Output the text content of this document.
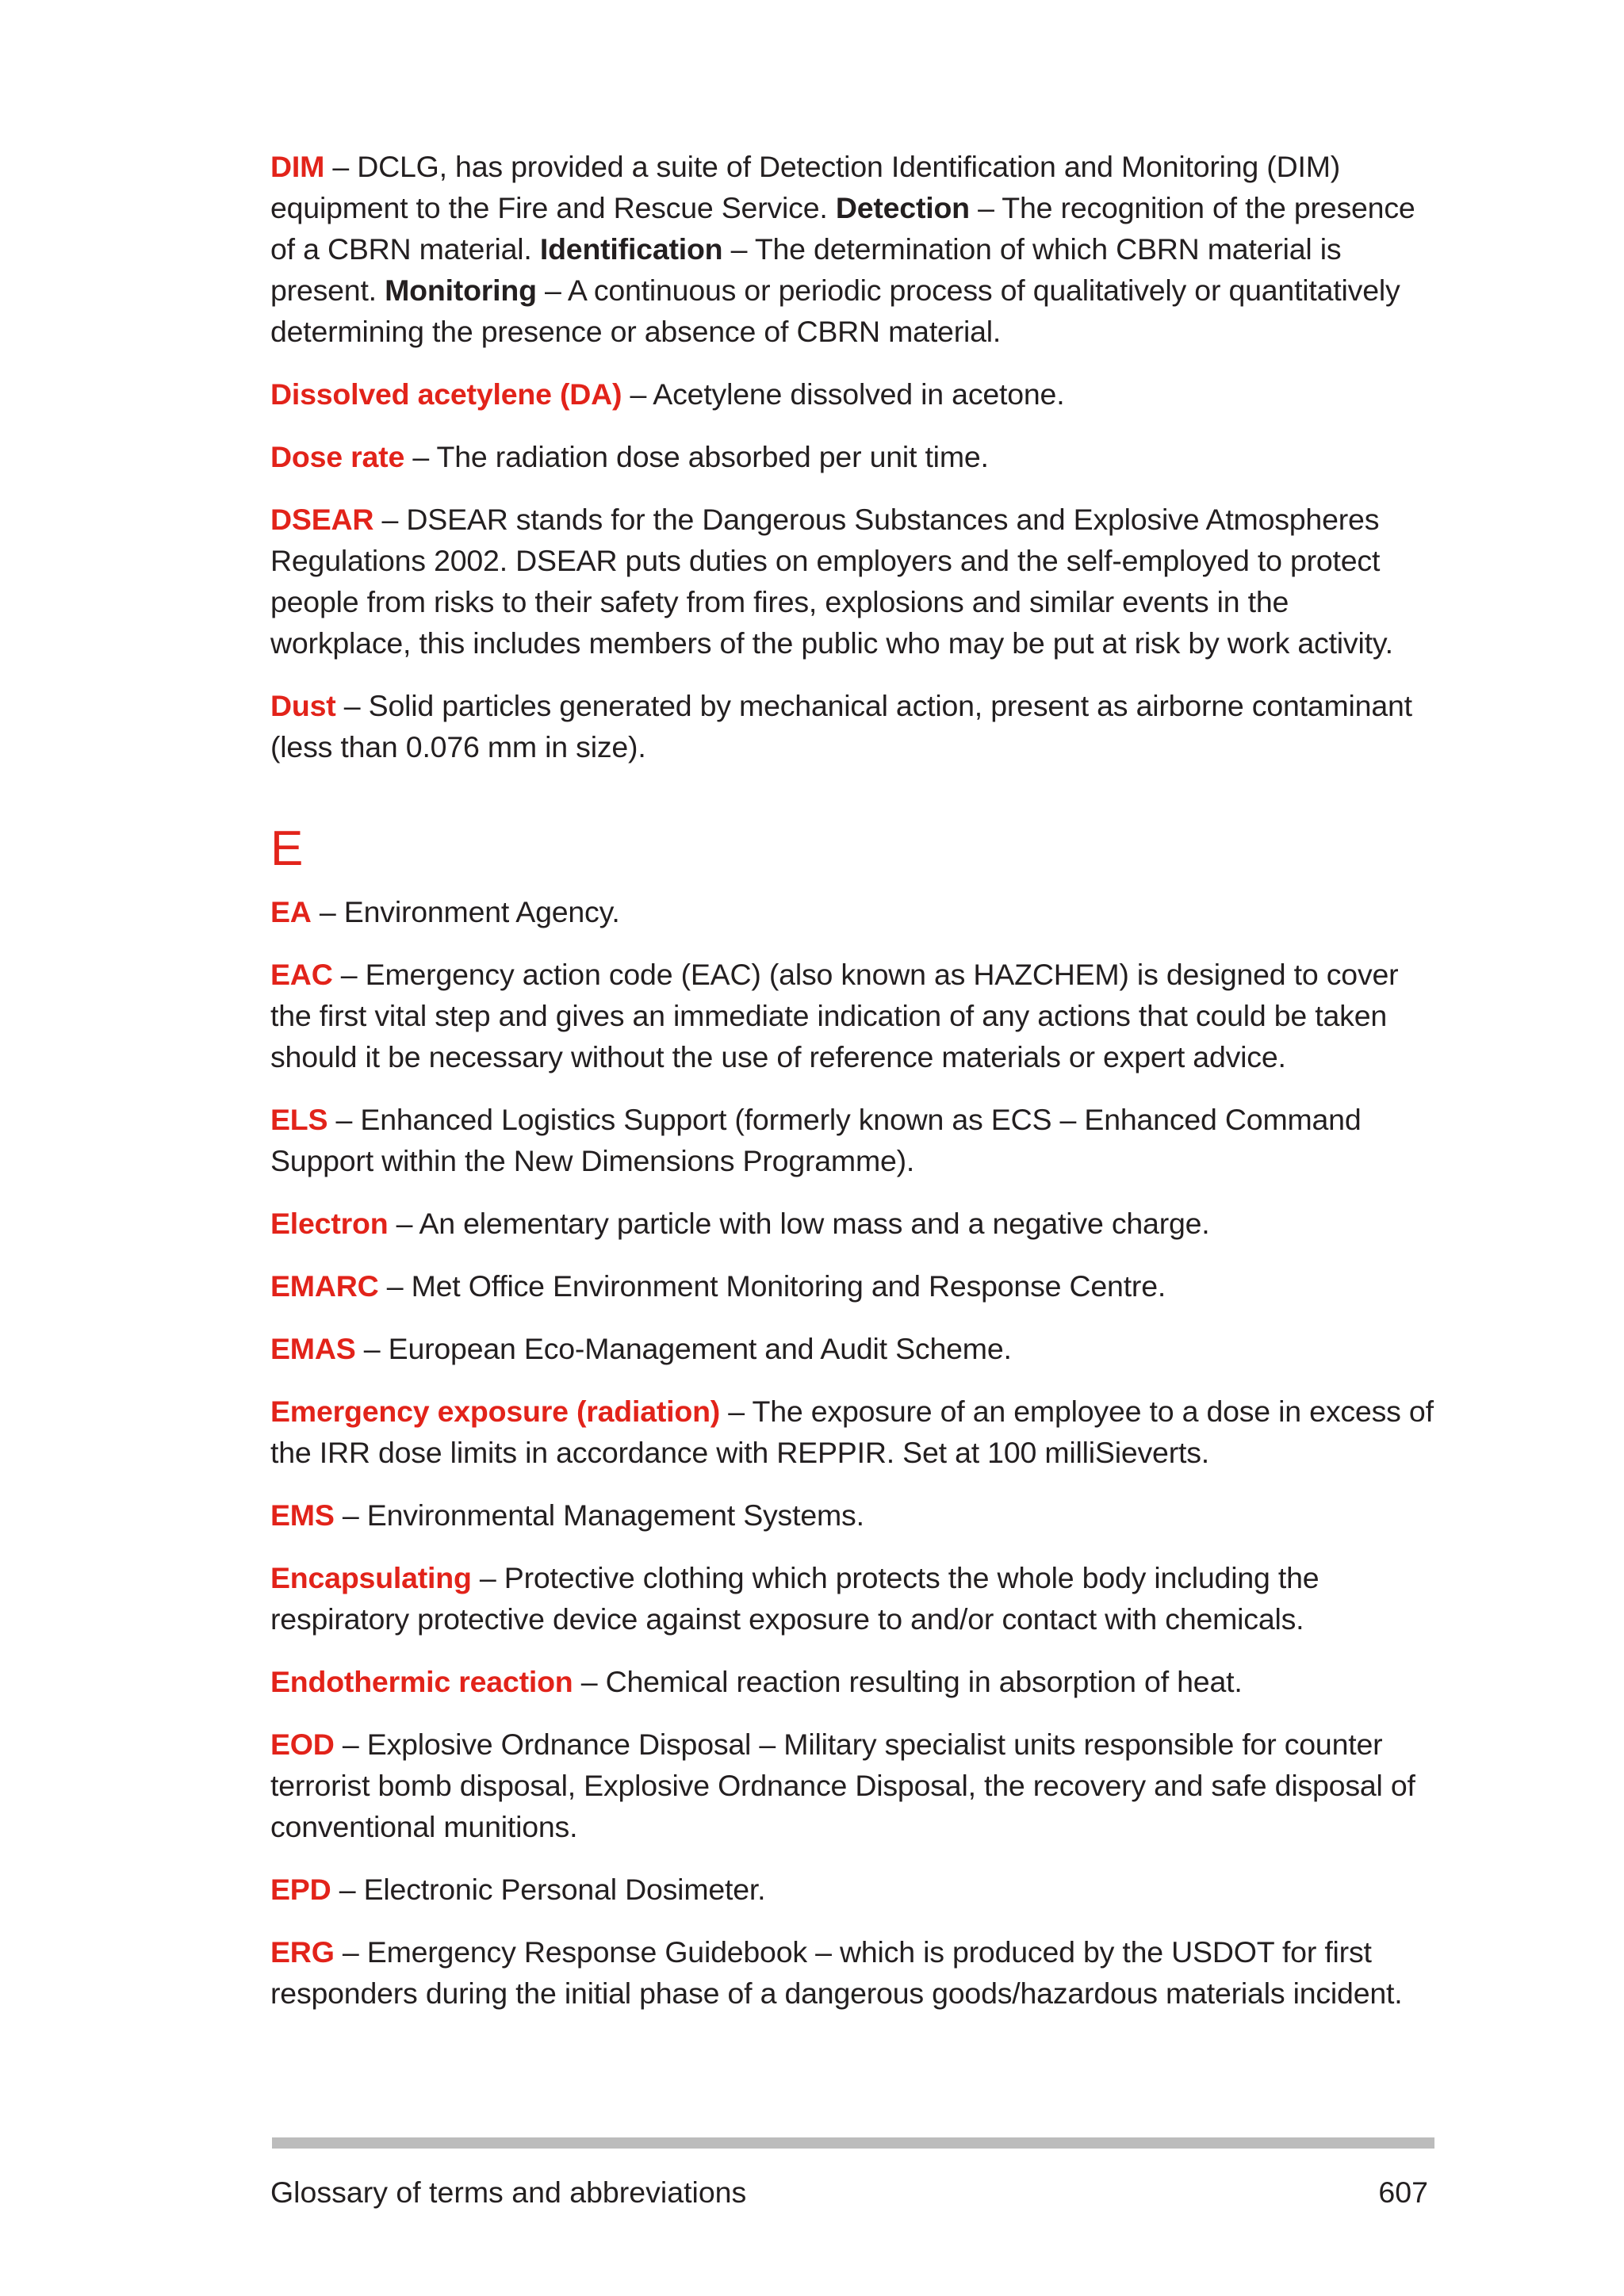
DIM – DCLG, has provided a suite of Detection Identification and Monitoring (DIM) equipment to the Fire and Rescue Service. Detection – The recognition of the presence of a CBRN material. Identification – The determination of which CBRN material is present. Monitoring – A continuous or periodic process of qualitatively or quantitatively determining the presence or absence of CBRN material.

Dissolved acetylene (DA) – Acetylene dissolved in acetone.

Dose rate – The radiation dose absorbed per unit time.

DSEAR – DSEAR stands for the Dangerous Substances and Explosive Atmospheres Regulations 2002. DSEAR puts duties on employers and the self-employed to protect people from risks to their safety from fires, explosions and similar events in the workplace, this includes members of the public who may be put at risk by work activity.

Dust – Solid particles generated by mechanical action, present as airborne contaminant (less than 0.076 mm in size).

E

EA – Environment Agency.

EAC – Emergency action code (EAC) (also known as HAZCHEM) is designed to cover the first vital step and gives an immediate indication of any actions that could be taken should it be necessary without the use of reference materials or expert advice.

ELS – Enhanced Logistics Support (formerly known as ECS – Enhanced Command Support within the New Dimensions Programme).

Electron – An elementary particle with low mass and a negative charge.

EMARC – Met Office Environment Monitoring and Response Centre.

EMAS – European Eco-Management and Audit Scheme.

Emergency exposure (radiation) – The exposure of an employee to a dose in excess of the IRR dose limits in accordance with REPPIR. Set at 100 milliSieverts.

EMS – Environmental Management Systems.

Encapsulating – Protective clothing which protects the whole body including the respiratory protective device against exposure to and/or contact with chemicals.

Endothermic reaction – Chemical reaction resulting in absorption of heat.

EOD – Explosive Ordnance Disposal – Military specialist units responsible for counter terrorist bomb disposal, Explosive Ordnance Disposal, the recovery and safe disposal of conventional munitions.

EPD – Electronic Personal Dosimeter.

ERG – Emergency Response Guidebook – which is produced by the USDOT for first responders during the initial phase of a dangerous goods/hazardous materials incident.

Glossary of terms and abbreviations	607
